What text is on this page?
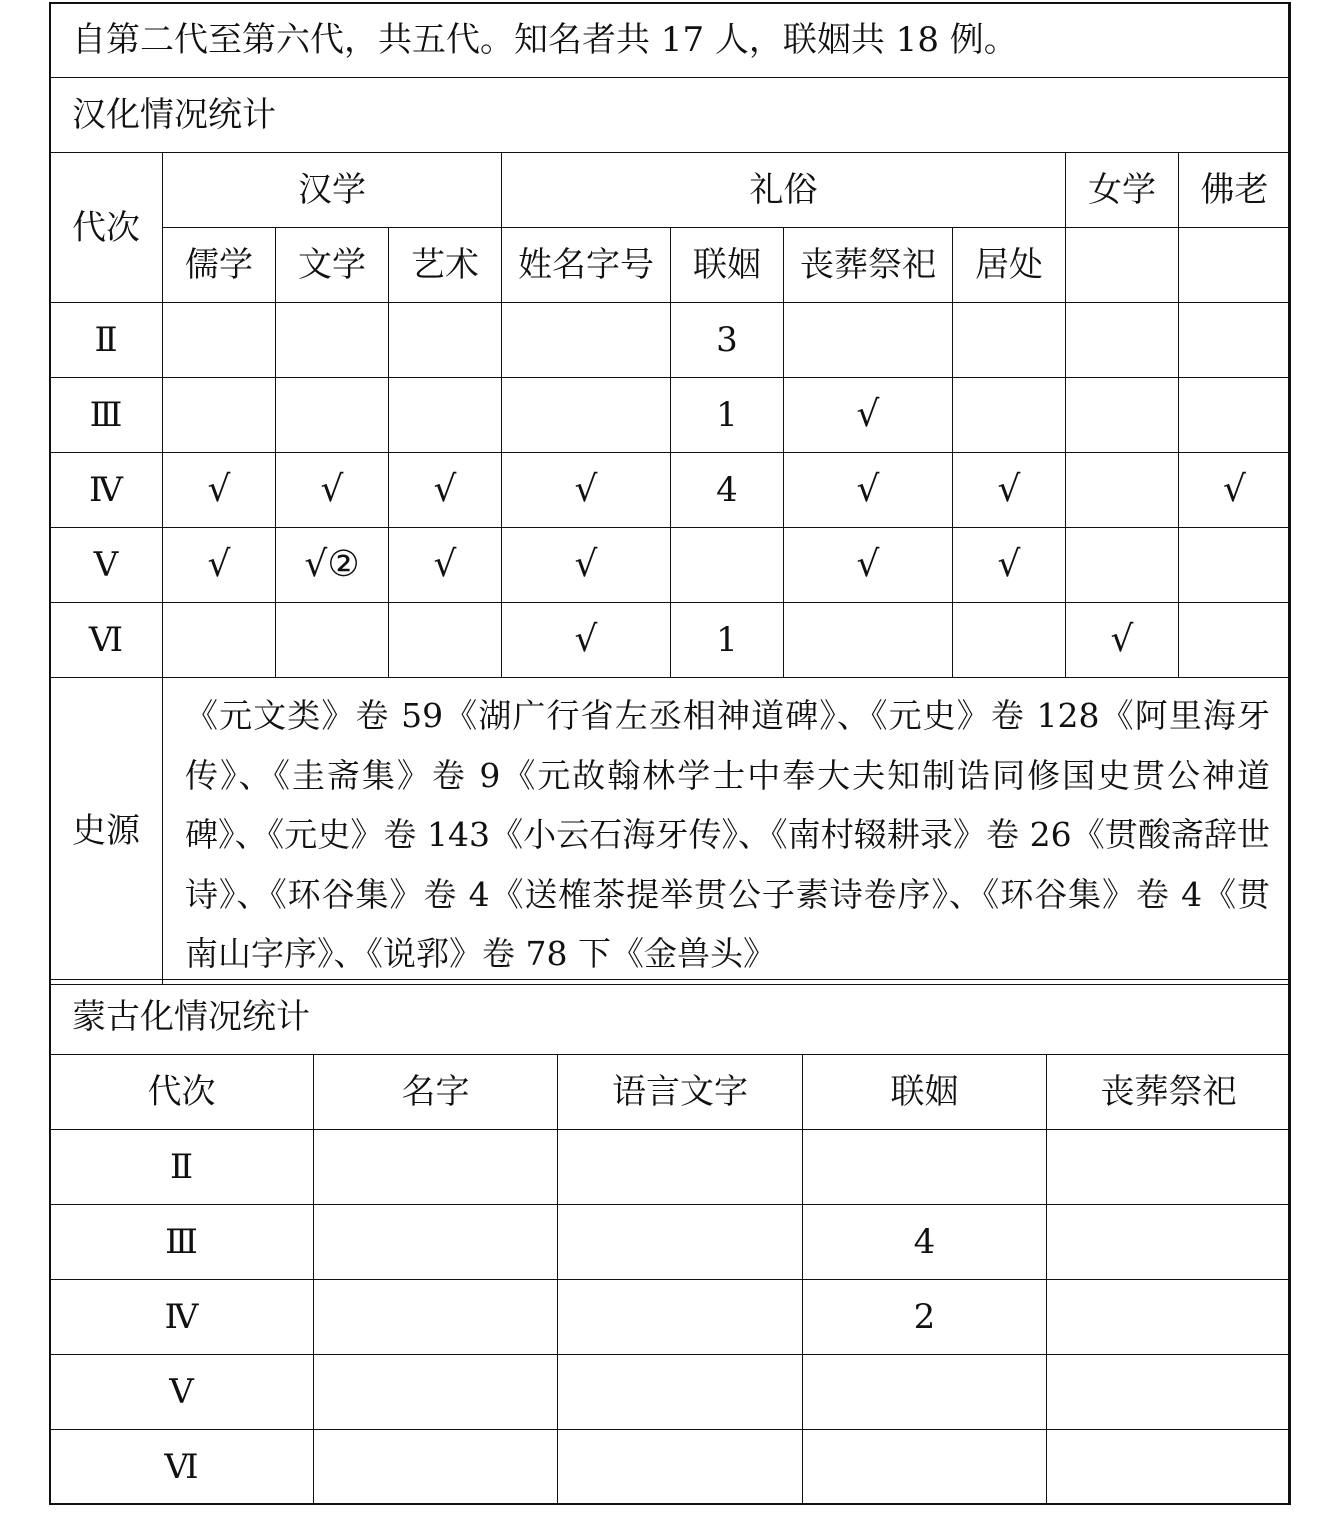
自第二代至第六代，共五代。知名者共 17 人，联姻共 18 例。									
汉化情况统计									
代次	汉学			礼俗				女学	佛老
	儒学	文学	艺术	姓名字号	联姻	丧葬祭祀	居处		
Ⅱ					3				
Ⅲ					1	√			
Ⅳ	√	√	√	√	4	√	√		√
Ⅴ	√	√②	√	√		√	√		
Ⅵ				√	1			√	
史源	《元文类》卷 59《湖广行省左丞相神道碑》、《元史》卷 128《阿里海牙传》、《圭斋集》卷 9《元故翰林学士中奉大夫知制诰同修国史贯公神道碑》、《元史》卷 143《小云石海牙传》、《南村辍耕录》卷 26《贯酸斋辞世诗》、《环谷集》卷 4《送榷茶提举贯公子素诗卷序》、《环谷集》卷 4《贯南山字序》、《说郛》卷 78 下《金兽头》								
蒙古化情况统计				
代次	名字	语言文字	联姻	丧葬祭祀
Ⅱ				
Ⅲ			4	
Ⅳ			2	
Ⅴ				
Ⅵ				
